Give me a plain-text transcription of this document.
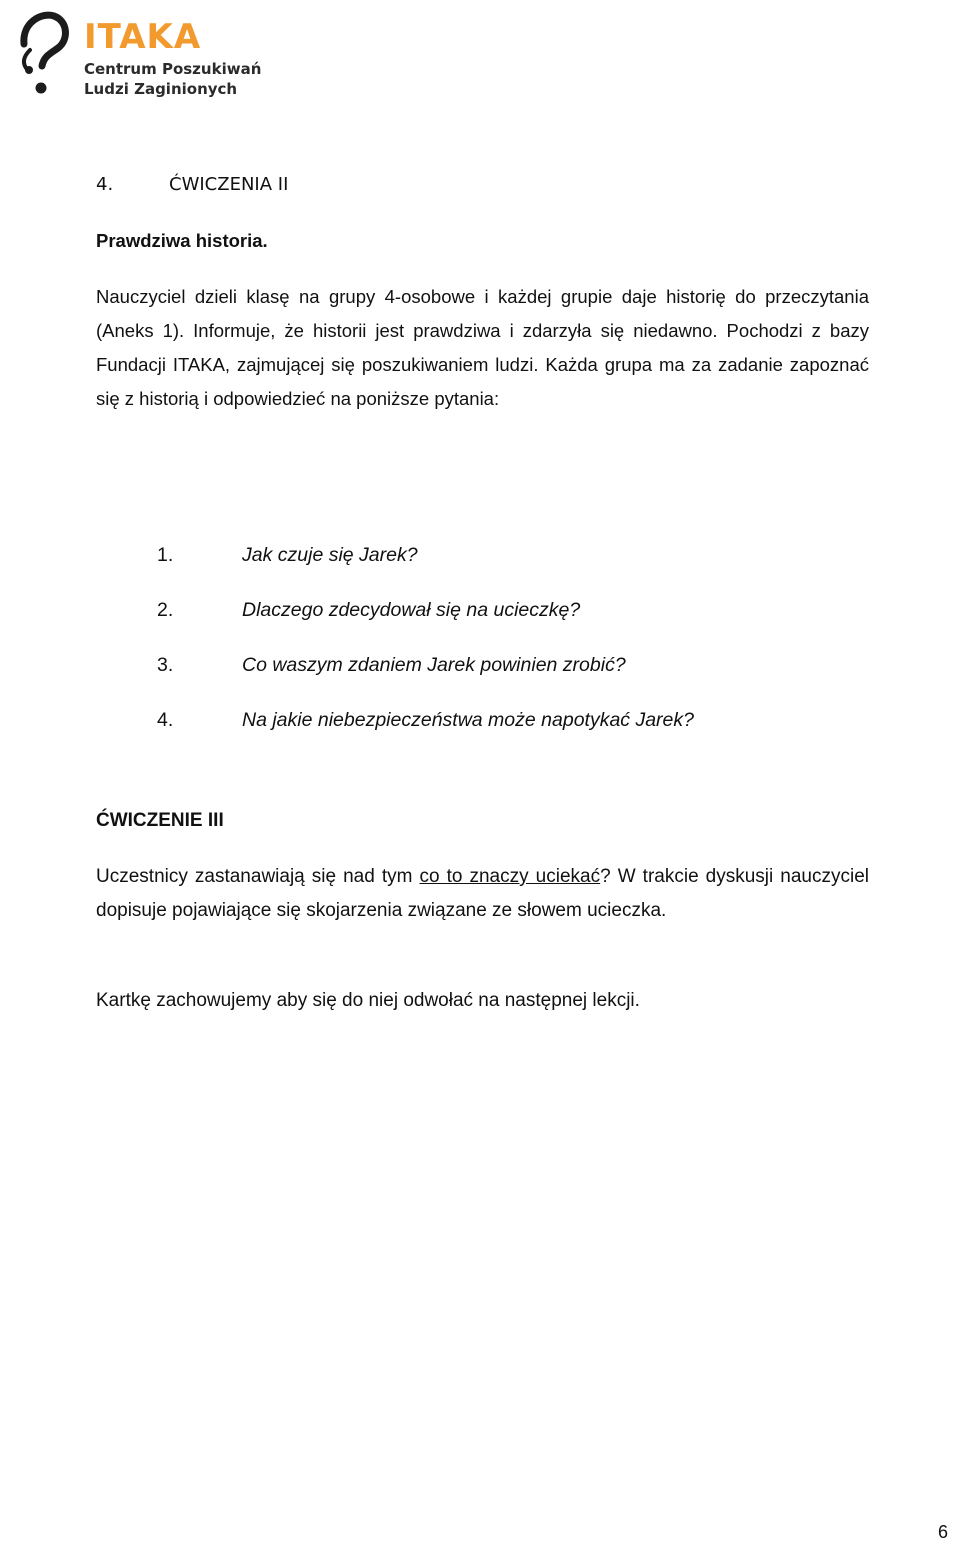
ITAKA
Centrum Poszukiwań
Ludzi Zaginionych
4.	ĆWICZENIA II
Prawdziwa historia.
Nauczyciel dzieli klasę na grupy 4-osobowe i każdej grupie daje historię do przeczytania (Aneks 1). Informuje, że historii jest prawdziwa i zdarzyła się niedawno. Pochodzi z bazy Fundacji ITAKA, zajmującej się poszukiwaniem ludzi. Każda grupa ma za zadanie zapoznać się z historią i odpowiedzieć na poniższe pytania:
1.	Jak czuje się Jarek?
2.	Dlaczego zdecydował się na ucieczkę?
3.	Co waszym zdaniem Jarek powinien zrobić?
4.	Na jakie niebezpieczeństwa może napotykać Jarek?
ĆWICZENIE III
Uczestnicy zastanawiają się nad tym co to znaczy uciekać? W trakcie dyskusji nauczyciel dopisuje pojawiające się skojarzenia związane ze słowem ucieczka.
Kartkę zachowujemy aby się do niej odwołać na następnej lekcji.
6
